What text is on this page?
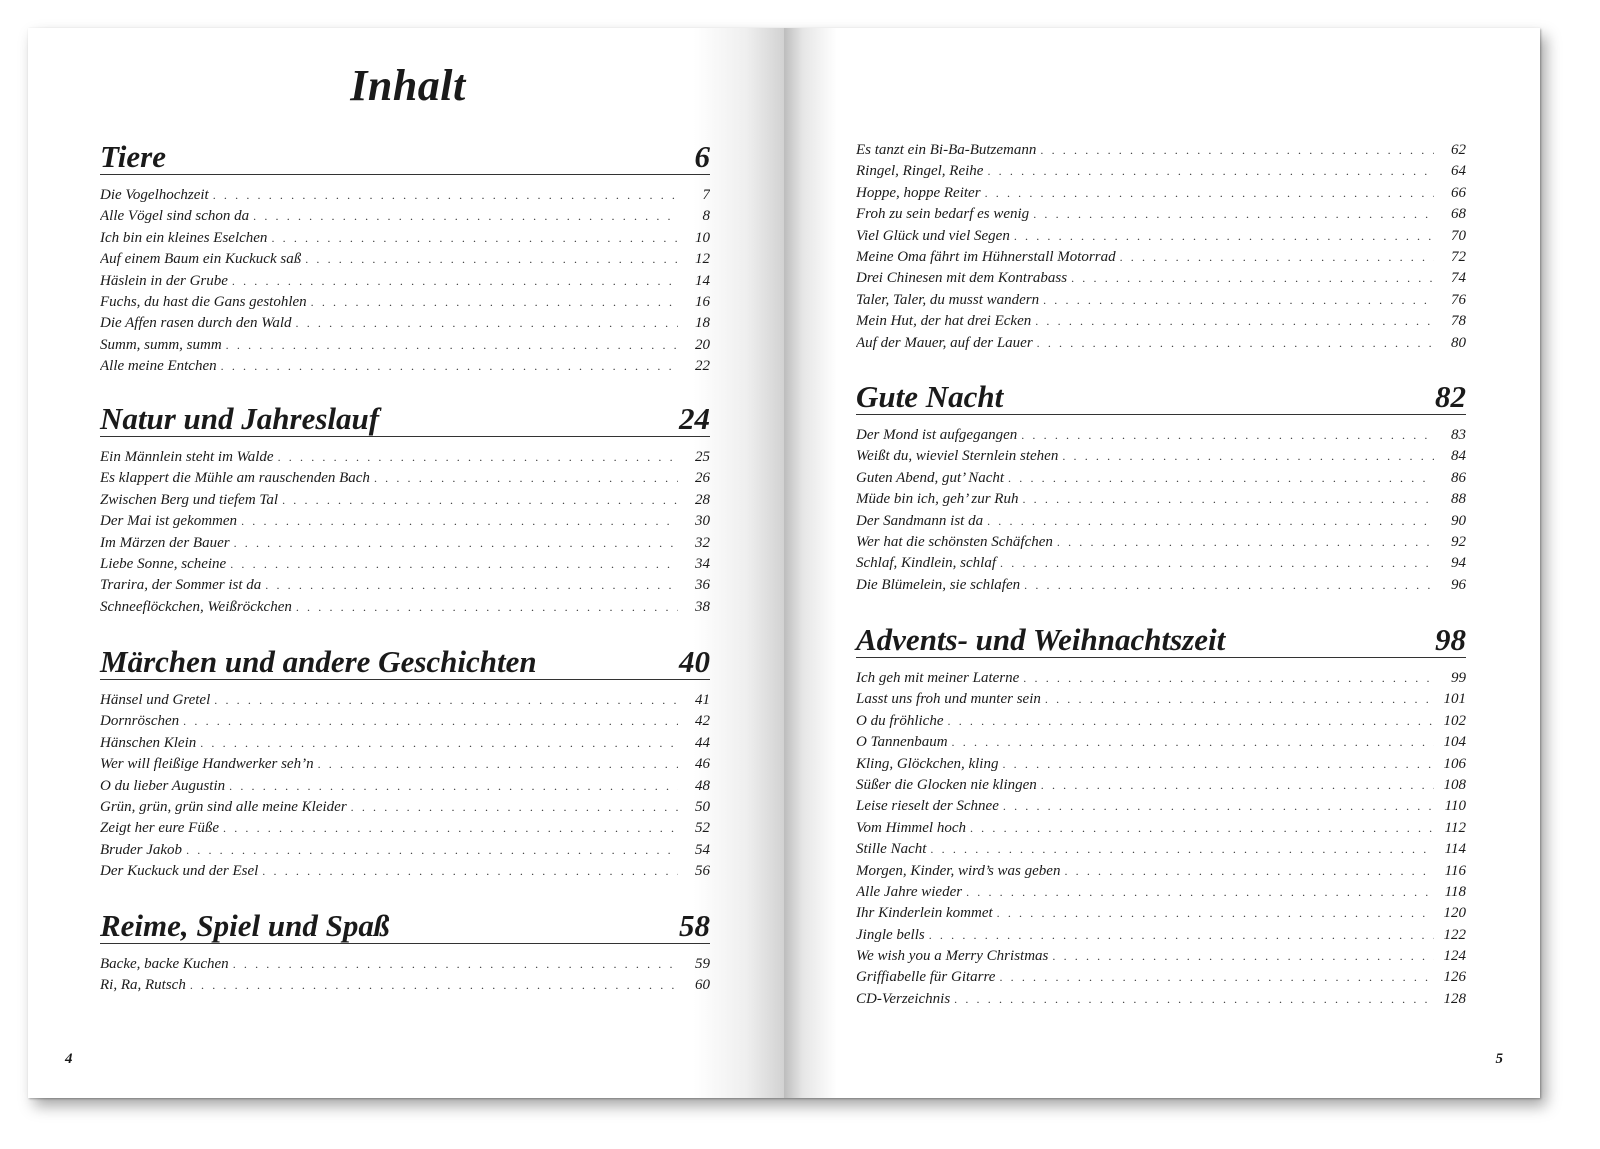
Inhalt
Tiere	6
Die Vogelhochzeit . . .	7
Alle Vögel sind schon da . . .	8
Ich bin ein kleines Eselchen . . .	10
Auf einem Baum ein Kuckuck saß . . .	12
Häslein in der Grube . . .	14
Fuchs, du hast die Gans gestohlen . . .	16
Die Affen rasen durch den Wald . . .	18
Summ, summ, summ . . .	20
Alle meine Entchen . . .	22
Natur und Jahreslauf	24
Ein Männlein steht im Walde . . .	25
Es klappert die Mühle am rauschenden Bach . . .	26
Zwischen Berg und tiefem Tal . . .	28
Der Mai ist gekommen . . .	30
Im Märzen der Bauer . . .	32
Liebe Sonne, scheine . . .	34
Trarira, der Sommer ist da . . .	36
Schneeflöckchen, Weißröckchen . . .	38
Märchen und andere Geschichten	40
Hänsel und Gretel . . .	41
Dornröschen . . .	42
Hänschen Klein . . .	44
Wer will fleißige Handwerker seh’n . . .	46
O du lieber Augustin . . .	48
Grün, grün, grün sind alle meine Kleider . . .	50
Zeigt her eure Füße . . .	52
Bruder Jakob . . .	54
Der Kuckuck und der Esel . . .	56
Reime, Spiel und Spaß	58
Backe, backe Kuchen . . .	59
Ri, Ra, Rutsch . . .	60
4
Es tanzt ein Bi-Ba-Butzemann . . .	62
Ringel, Ringel, Reihe . . .	64
Hoppe, hoppe Reiter . . .	66
Froh zu sein bedarf es wenig . . .	68
Viel Glück und viel Segen . . .	70
Meine Oma fährt im Hühnerstall Motorrad . . .	72
Drei Chinesen mit dem Kontrabass . . .	74
Taler, Taler, du musst wandern . . .	76
Mein Hut, der hat drei Ecken . . .	78
Auf der Mauer, auf der Lauer . . .	80
Gute Nacht	82
Der Mond ist aufgegangen . . .	83
Weißt du, wieviel Sternlein stehen . . .	84
Guten Abend, gut’ Nacht . . .	86
Müde bin ich, geh’ zur Ruh . . .	88
Der Sandmann ist da . . .	90
Wer hat die schönsten Schäfchen . . .	92
Schlaf, Kindlein, schlaf . . .	94
Die Blümelein, sie schlafen . . .	96
Advents- und Weihnachtszeit	98
Ich geh mit meiner Laterne . . .	99
Lasst uns froh und munter sein . . .	101
O du fröhliche . . .	102
O Tannenbaum . . .	104
Kling, Glöckchen, kling . . .	106
Süßer die Glocken nie klingen . . .	108
Leise rieselt der Schnee . . .	110
Vom Himmel hoch . . .	112
Stille Nacht . . .	114
Morgen, Kinder, wird’s was geben . . .	116
Alle Jahre wieder . . .	118
Ihr Kinderlein kommet . . .	120
Jingle bells . . .	122
We wish you a Merry Christmas . . .	124
Griffiabelle für Gitarre . . .	126
CD-Verzeichnis . . .	128
5
